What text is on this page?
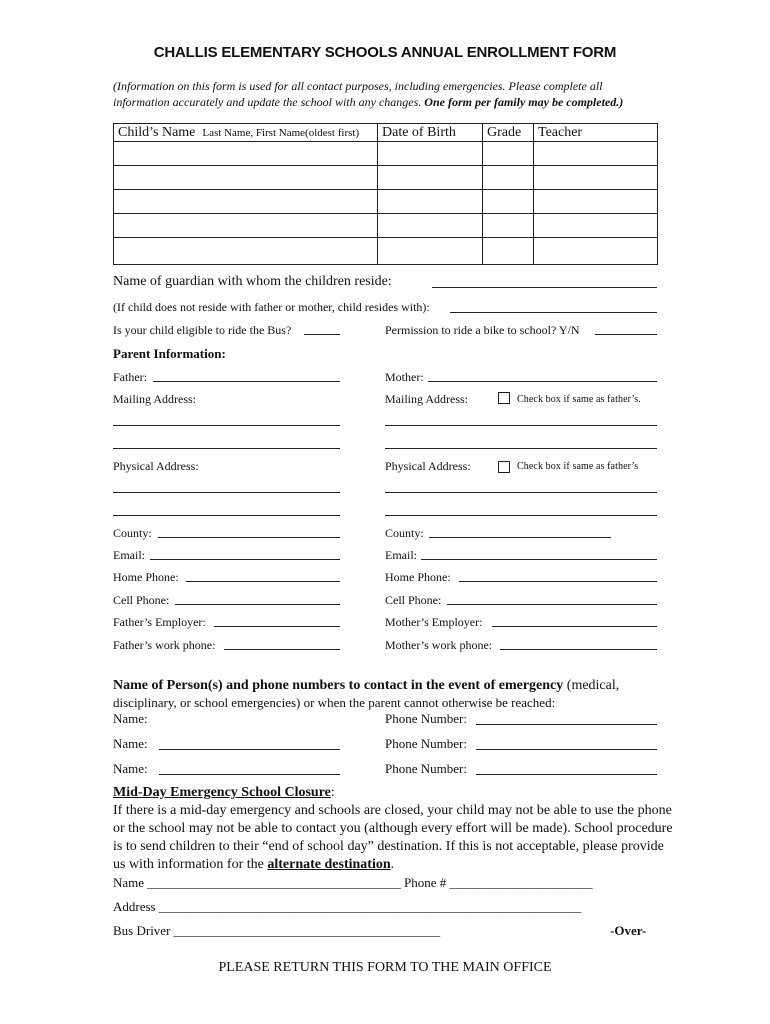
CHALLIS ELEMENTARY SCHOOLS ANNUAL ENROLLMENT FORM
(Information on this form is used for all contact purposes, including emergencies. Please complete all
information accurately and update the school with any changes. One form per family may be completed.)
Child’s Name Last Name, First Name(oldest first)	Date of Birth	Grade	Teacher

Name of guardian with whom the children reside:
(If child does not reside with father or mother, child resides with):
Is your child eligible to ride the Bus?	Permission to ride a bike to school? Y/N
Parent Information:
Father:	Mother:
Mailing Address:	Mailing Address:	Check box if same as father’s.
Physical Address:	Physical Address:	Check box if same as father’s
County:	County:
Email:	Email:
Home Phone:	Home Phone:
Cell Phone:	Cell Phone:
Father’s Employer:	Mother’s Employer:
Father’s work phone:	Mother’s work phone:
Name of Person(s) and phone numbers to contact in the event of emergency (medical,
disciplinary, or school emergencies) or when the parent cannot otherwise be reached:
Name:	Phone Number:
Name:	Phone Number:
Name:	Phone Number:
Mid-Day Emergency School Closure:
If there is a mid-day emergency and schools are closed, your child may not be able to use the phone or the school may not be able to contact you (although every effort will be made). School procedure is to send children to their “end of school day” destination. If this is not acceptable, please provide us with information for the alternate destination.
Name _______________________________________ Phone # ______________________
Address _________________________________________________________________
Bus Driver _________________________________________	-Over-
PLEASE RETURN THIS FORM TO THE MAIN OFFICE
